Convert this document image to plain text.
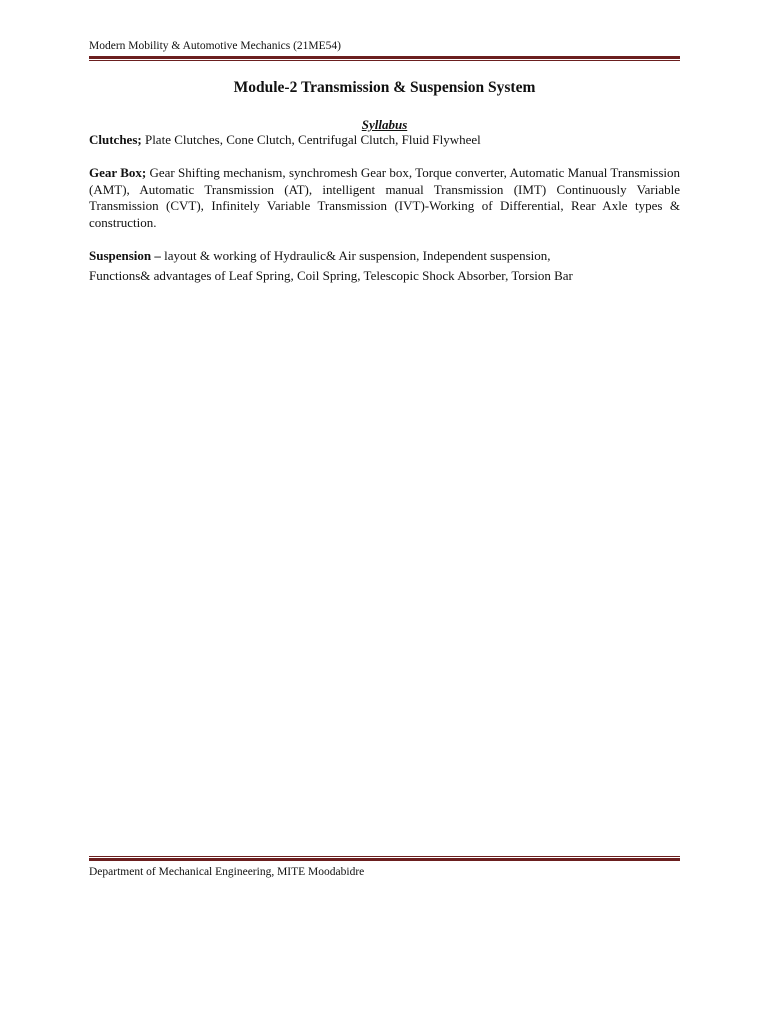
Modern Mobility & Automotive Mechanics (21ME54)
Module-2 Transmission & Suspension System
Syllabus

Clutches; Plate Clutches, Cone Clutch, Centrifugal Clutch, Fluid Flywheel

Gear Box; Gear Shifting mechanism, synchromesh Gear box, Torque converter, Automatic Manual Transmission (AMT), Automatic Transmission (AT), intelligent manual Transmission (IMT) Continuously Variable Transmission (CVT), Infinitely Variable Transmission (IVT)-Working of Differential, Rear Axle types & construction.

Suspension – layout & working of Hydraulic& Air suspension, Independent suspension,

Functions& advantages of Leaf Spring, Coil Spring, Telescopic Shock Absorber, Torsion Bar

Department of Mechanical Engineering, MITE Moodabidre
